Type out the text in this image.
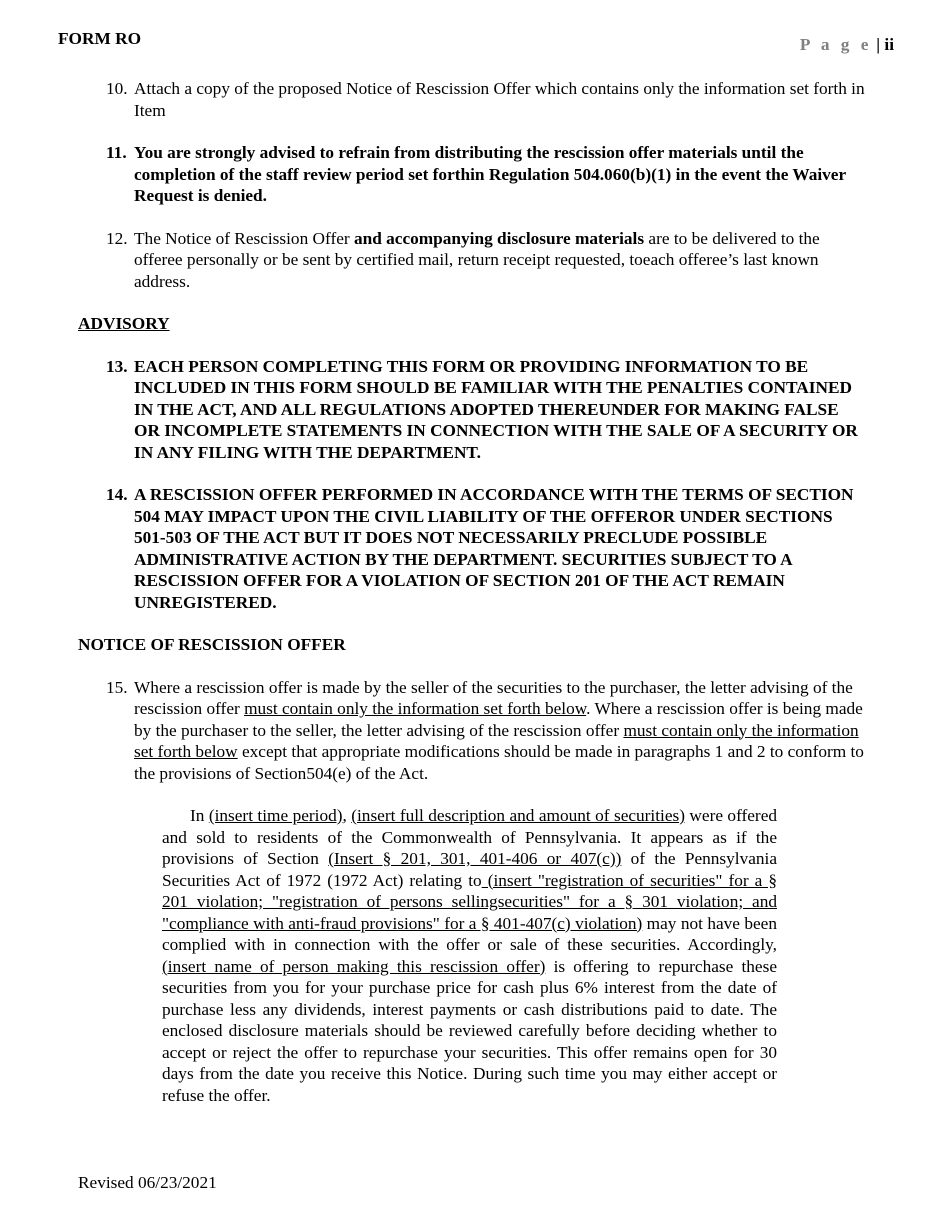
FORM RO	P a g e | ii
10. Attach a copy of the proposed Notice of Rescission Offer which contains only the information set forth in Item
11. You are strongly advised to refrain from distributing the rescission offer materials until the completion of the staff review period set forthin Regulation 504.060(b)(1) in the event the Waiver Request is denied.
12. The Notice of Rescission Offer and accompanying disclosure materials are to be delivered to the offeree personally or be sent by certified mail, return receipt requested, toeach offeree’s last known address.
ADVISORY
13. EACH PERSON COMPLETING THIS FORM OR PROVIDING INFORMATION TO BE INCLUDED IN THIS FORM SHOULD BE FAMILIAR WITH THE PENALTIES CONTAINED IN THE ACT, AND ALL REGULATIONS ADOPTED THEREUNDER FOR MAKING FALSE OR INCOMPLETE STATEMENTS IN CONNECTION WITH THE SALE OF A SECURITY OR IN ANY FILING WITH THE DEPARTMENT.
14. A RESCISSION OFFER PERFORMED IN ACCORDANCE WITH THE TERMS OF SECTION 504 MAY IMPACT UPON THE CIVIL LIABILITY OF THE OFFEROR UNDER SECTIONS 501-503 OF THE ACT BUT IT DOES NOT NECESSARILY PRECLUDE POSSIBLE ADMINISTRATIVE ACTION BY THE DEPARTMENT. SECURITIES SUBJECT TO A RESCISSION OFFER FOR A VIOLATION OF SECTION 201 OF THE ACT REMAIN UNREGISTERED.
NOTICE OF RESCISSION OFFER
15. Where a rescission offer is made by the seller of the securities to the purchaser, the letter advising of the rescission offer must contain only the information set forth below. Where a rescission offer is being made by the purchaser to the seller, the letter advising of the rescission offer must contain only the information set forth below except that appropriate modifications should be made in paragraphs 1 and 2 to conform to the provisions of Section504(e) of the Act.
In (insert time period), (insert full description and amount of securities) were offered and sold to residents of the Commonwealth of Pennsylvania. It appears as if the provisions of Section (Insert § 201, 301, 401-406 or 407(c)) of the Pennsylvania Securities Act of 1972 (1972 Act) relating to (insert "registration of securities" for a § 201 violation; "registration of persons sellingsecurities" for a § 301 violation; and "compliance with anti-fraud provisions" for a § 401-407(c) violation) may not have been complied with in connection with the offer or sale of these securities. Accordingly, (insert name of person making this rescission offer) is offering to repurchase these securities from you for your purchase price for cash plus 6% interest from the date of purchase less any dividends, interest payments or cash distributions paid to date. The enclosed disclosure materials should be reviewed carefully before deciding whether to accept or reject the offer to repurchase your securities. This offer remains open for 30 days from the date you receive this Notice. During such time you may either accept or refuse the offer.
Revised 06/23/2021
